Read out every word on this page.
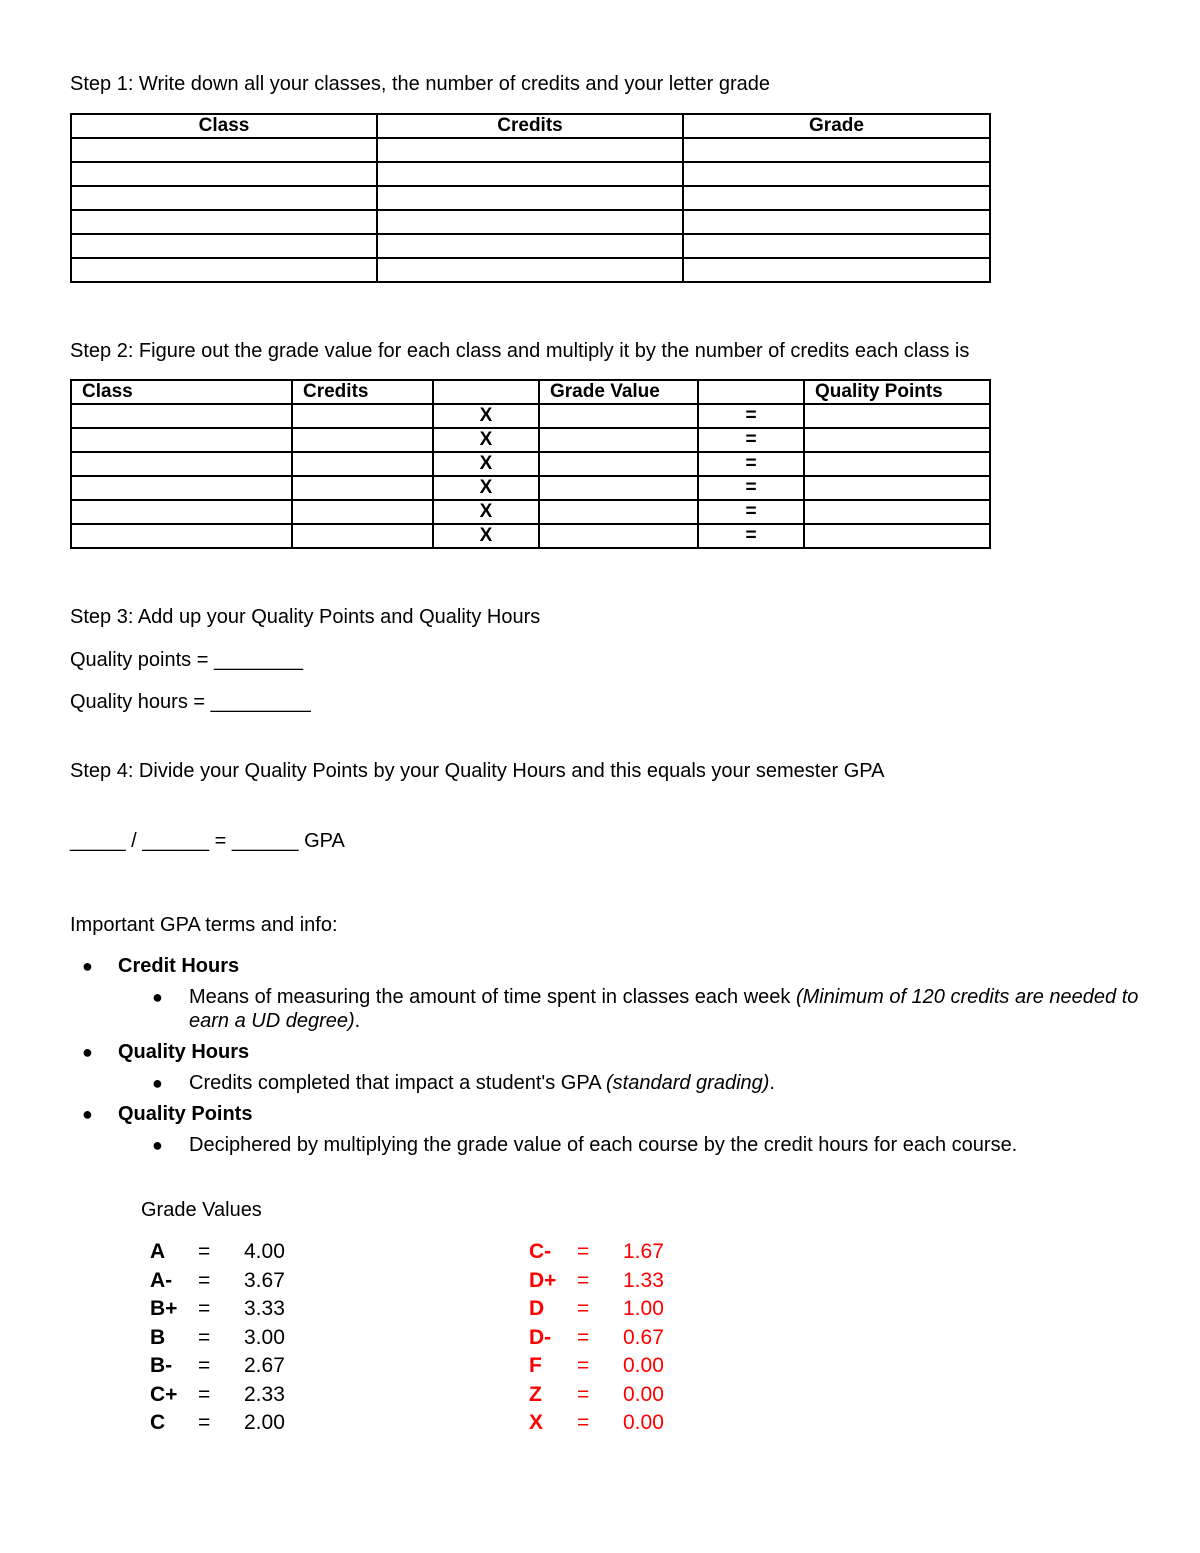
Step 1: Write down all your classes, the number of credits and your letter grade
Class	Credits	Grade

Step 2: Figure out the grade value for each class and multiply it by the number of credits each class is
Class	Credits		Grade Value		Quality Points
		X		=	
		X		=	
		X		=	
		X		=	
		X		=	
		X		=	
Step 3: Add up your Quality Points and Quality Hours
Quality points = ________
Quality hours = _________
Step 4: Divide your Quality Points by your Quality Hours and this equals your semester GPA
_____ / ______ = ______ GPA
Important GPA terms and info:
●	Credit Hours
● Means of measuring the amount of time spent in classes each week (Minimum of 120 credits are needed to earn a UD degree).
●	Quality Hours
● Credits completed that impact a student's GPA (standard grading).
●	Quality Points
● Deciphered by multiplying the grade value of each course by the credit hours for each course.
Grade Values
A = 4.00
A- = 3.67
B+ = 3.33
B = 3.00
B- = 2.67
C+ = 2.33
C = 2.00
C- = 1.67
D+ = 1.33
D = 1.00
D- = 0.67
F = 0.00
Z = 0.00
X = 0.00
